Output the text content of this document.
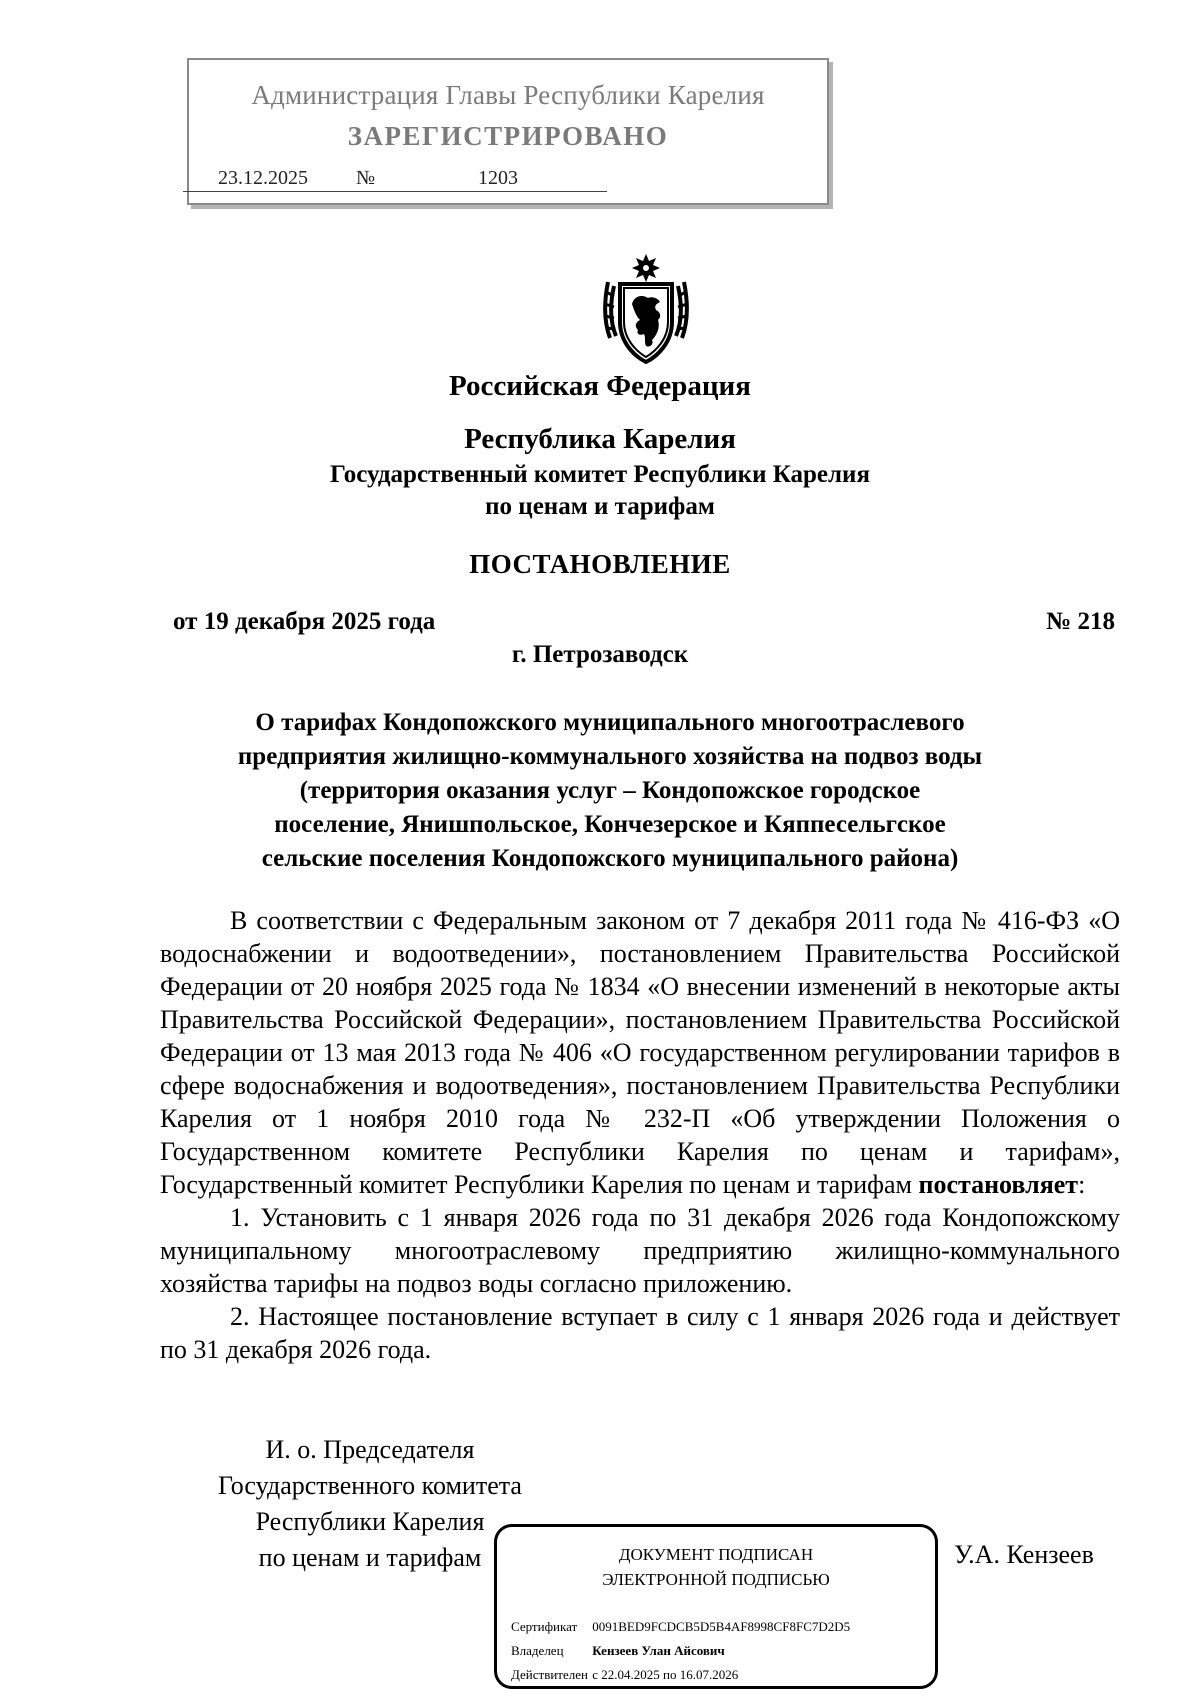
Администрация Главы Республики Карелия
ЗАРЕГИСТРИРОВАНО
23.12.2025 №	1203
Российская Федерация
Республика Карелия
Государственный комитет Республики Карелия
по ценам и тарифам
ПОСТАНОВЛЕНИЕ
от 19 декабря 2025 года	№ 218
г. Петрозаводск
О тарифах Кондопожского муниципального многоотраслевого
предприятия жилищно-коммунального хозяйства на подвоз воды
(территория оказания услуг – Кондопожское городское
поселение, Янишпольское, Кончезерское и Кяппесельгское
сельские поселения Кондопожского муниципального района)

В соответствии с Федеральным законом от 7 декабря 2011 года № 416-ФЗ «О водоснабжении и водоотведении», постановлением Правительства Российской Федерации от 20 ноября 2025 года № 1834 «О внесении изменений в некоторые акты Правительства Российской Федерации», постановлением Правительства Российской Федерации от 13 мая 2013 года № 406 «О государственном регулировании тарифов в сфере водоснабжения и водоотведения», постановлением Правительства Республики Карелия от 1 ноября 2010 года № 232-П «Об утверждении Положения о Государственном комитете Республики Карелия по ценам и тарифам», Государственный комитет Республики Карелия по ценам и тарифам постановляет:

1. Установить с 1 января 2026 года по 31 декабря 2026 года Кондопожскому муниципальному многоотраслевому предприятию жилищно-коммунального хозяйства тарифы на подвоз воды согласно приложению.

2. Настоящее постановление вступает в силу с 1 января 2026 года и действует по 31 декабря 2026 года.

И. о. Председателя
Государственного комитета
Республики Карелия
по ценам и тарифам	У.А. Кензеев
ДОКУМЕНТ ПОДПИСАН
ЭЛЕКТРОННОЙ ПОДПИСЬЮ
Сертификат 0091BED9FCDCB5D5B4AF8998CF8FC7D2D5
Владелец Кензеев Улан Айсович
Действителен с 22.04.2025 по 16.07.2026
